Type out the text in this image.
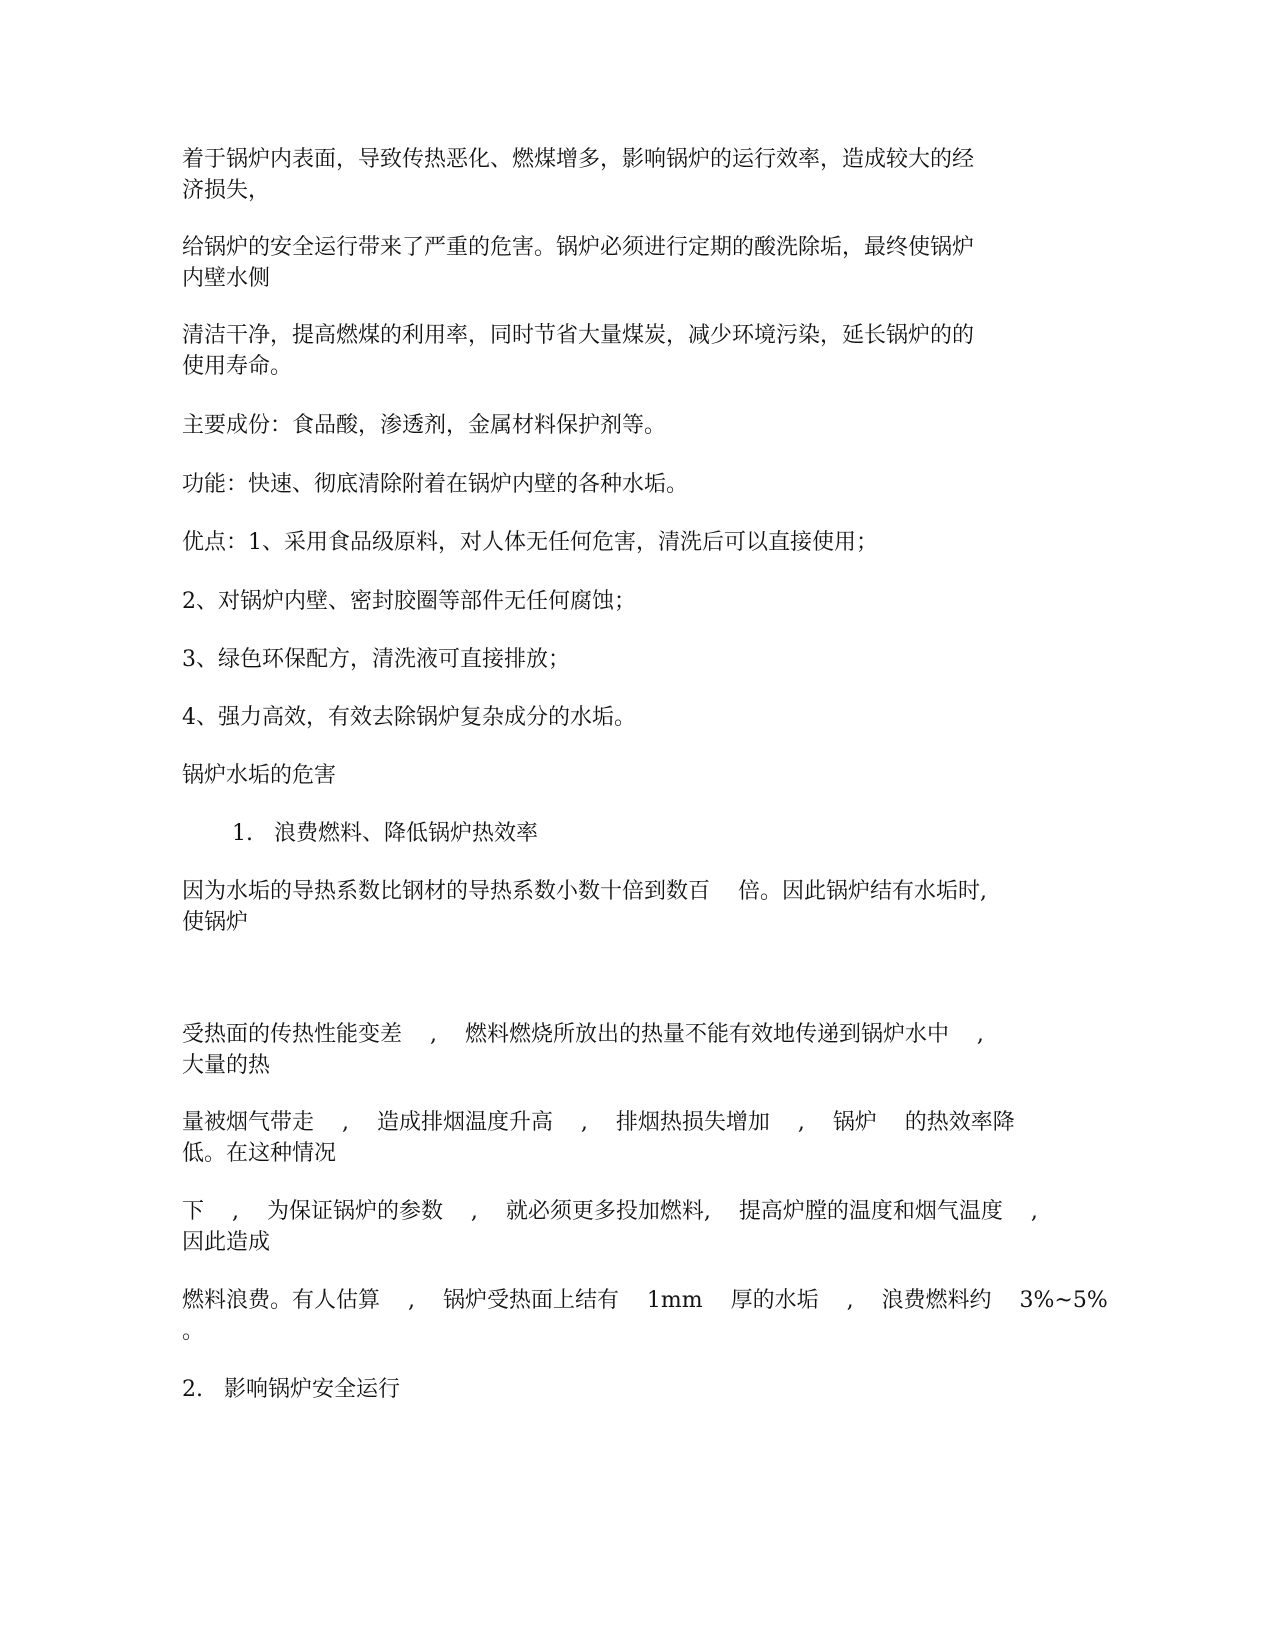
着于锅炉内表面，导致传热恶化、燃煤增多，影响锅炉的运行效率，造成较大的经
济损失，

给锅炉的安全运行带来了严重的危害。锅炉必须进行定期的酸洗除垢，最终使锅炉
内壁水侧

清洁干净，提高燃煤的利用率，同时节省大量煤炭，减少环境污染，延长锅炉的的
使用寿命。

主要成份：食品酸，渗透剂，金属材料保护剂等。

功能：快速、彻底清除附着在锅炉内壁的各种水垢。

优点：1、采用食品级原料，对人体无任何危害，清洗后可以直接使用；

2、对锅炉内壁、密封胶圈等部件无任何腐蚀；

3、绿色环保配方，清洗液可直接排放；

4、强力高效，有效去除锅炉复杂成分的水垢。

锅炉水垢的危害

1.   浪费燃料、降低锅炉热效率

因为水垢的导热系数比钢材的导热系数小数十倍到数百    倍。因此锅炉结有水垢时,
使锅炉

受热面的传热性能变差    ,    燃料燃烧所放出的热量不能有效地传递到锅炉水中    ,
大量的热

量被烟气带走    ,    造成排烟温度升高    ,    排烟热损失增加    ,    锅炉    的热效率降
低。在这种情况

下    ,    为保证锅炉的参数    ,    就必须更多投加燃料,    提高炉膛的温度和烟气温度    ,
因此造成

燃料浪费。有人估算    ,    锅炉受热面上结有    1mm    厚的水垢    ,    浪费燃料约    3%~5%
。

2.   影响锅炉安全运行
